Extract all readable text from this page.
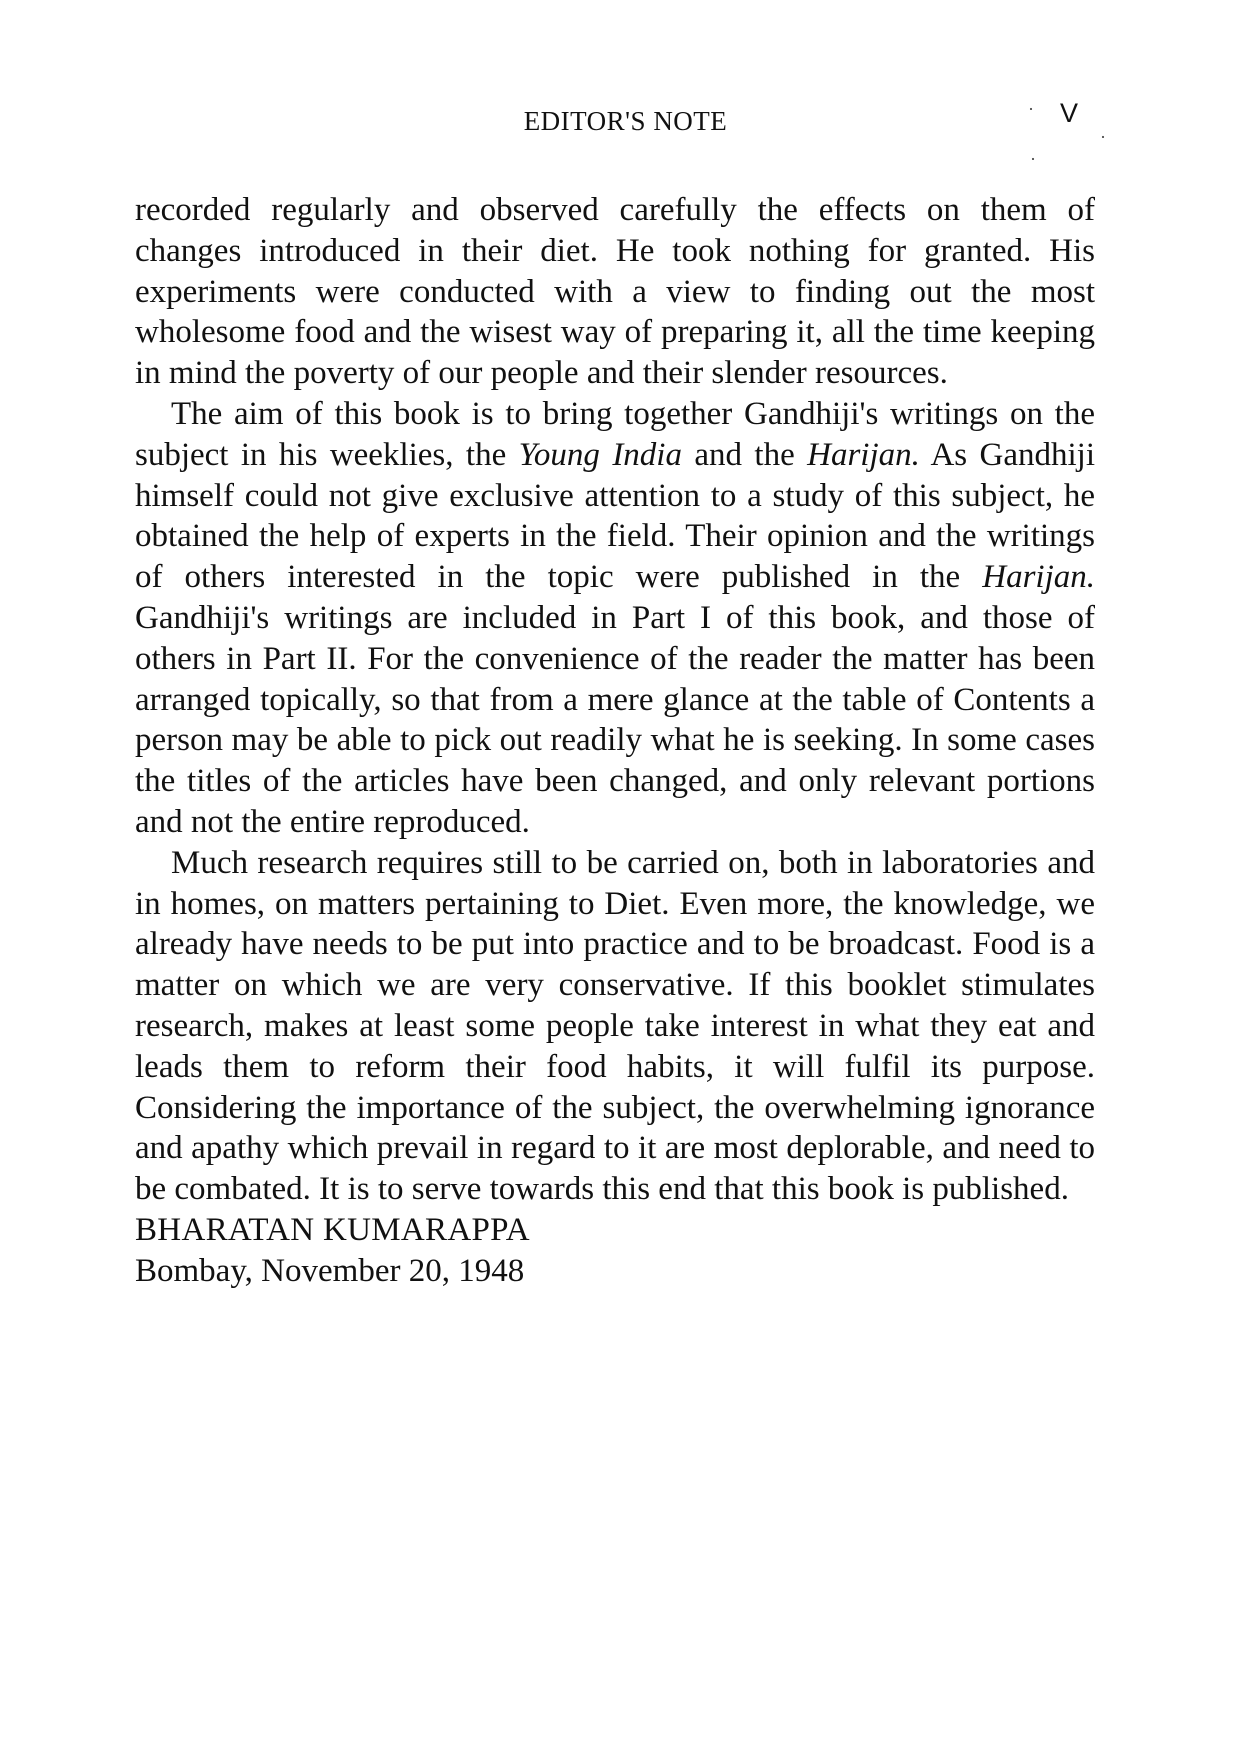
EDITOR'S NOTE	V
·
·
·

recorded regularly and observed carefully the effects on them of changes introduced in their diet. He took nothing for granted. His experiments were conducted with a view to finding out the most wholesome food and the wisest way of preparing it, all the time keeping in mind the poverty of our people and their slender resources.

The aim of this book is to bring together Gandhiji's writings on the subject in his weeklies, the Young India and the Harijan. As Gandhiji himself could not give exclusive attention to a study of this subject, he obtained the help of experts in the field. Their opinion and the writings of others interested in the topic were published in the Harijan. Gandhiji's writings are included in Part I of this book, and those of others in Part II. For the convenience of the reader the matter has been arranged topically, so that from a mere glance at the table of Contents a person may be able to pick out readily what he is seeking. In some cases the titles of the articles have been changed, and only relevant portions and not the entire reproduced.

Much research requires still to be carried on, both in laboratories and in homes, on matters pertaining to Diet. Even more, the knowledge, we already have needs to be put into practice and to be broadcast. Food is a matter on which we are very conservative. If this booklet stimulates research, makes at least some people take interest in what they eat and leads them to reform their food habits, it will fulfil its purpose. Considering the importance of the subject, the overwhelming ignorance and apathy which prevail in regard to it are most deplorable, and need to be combated. It is to serve towards this end that this book is published.

BHARATAN KUMARAPPA

Bombay, November 20, 1948
